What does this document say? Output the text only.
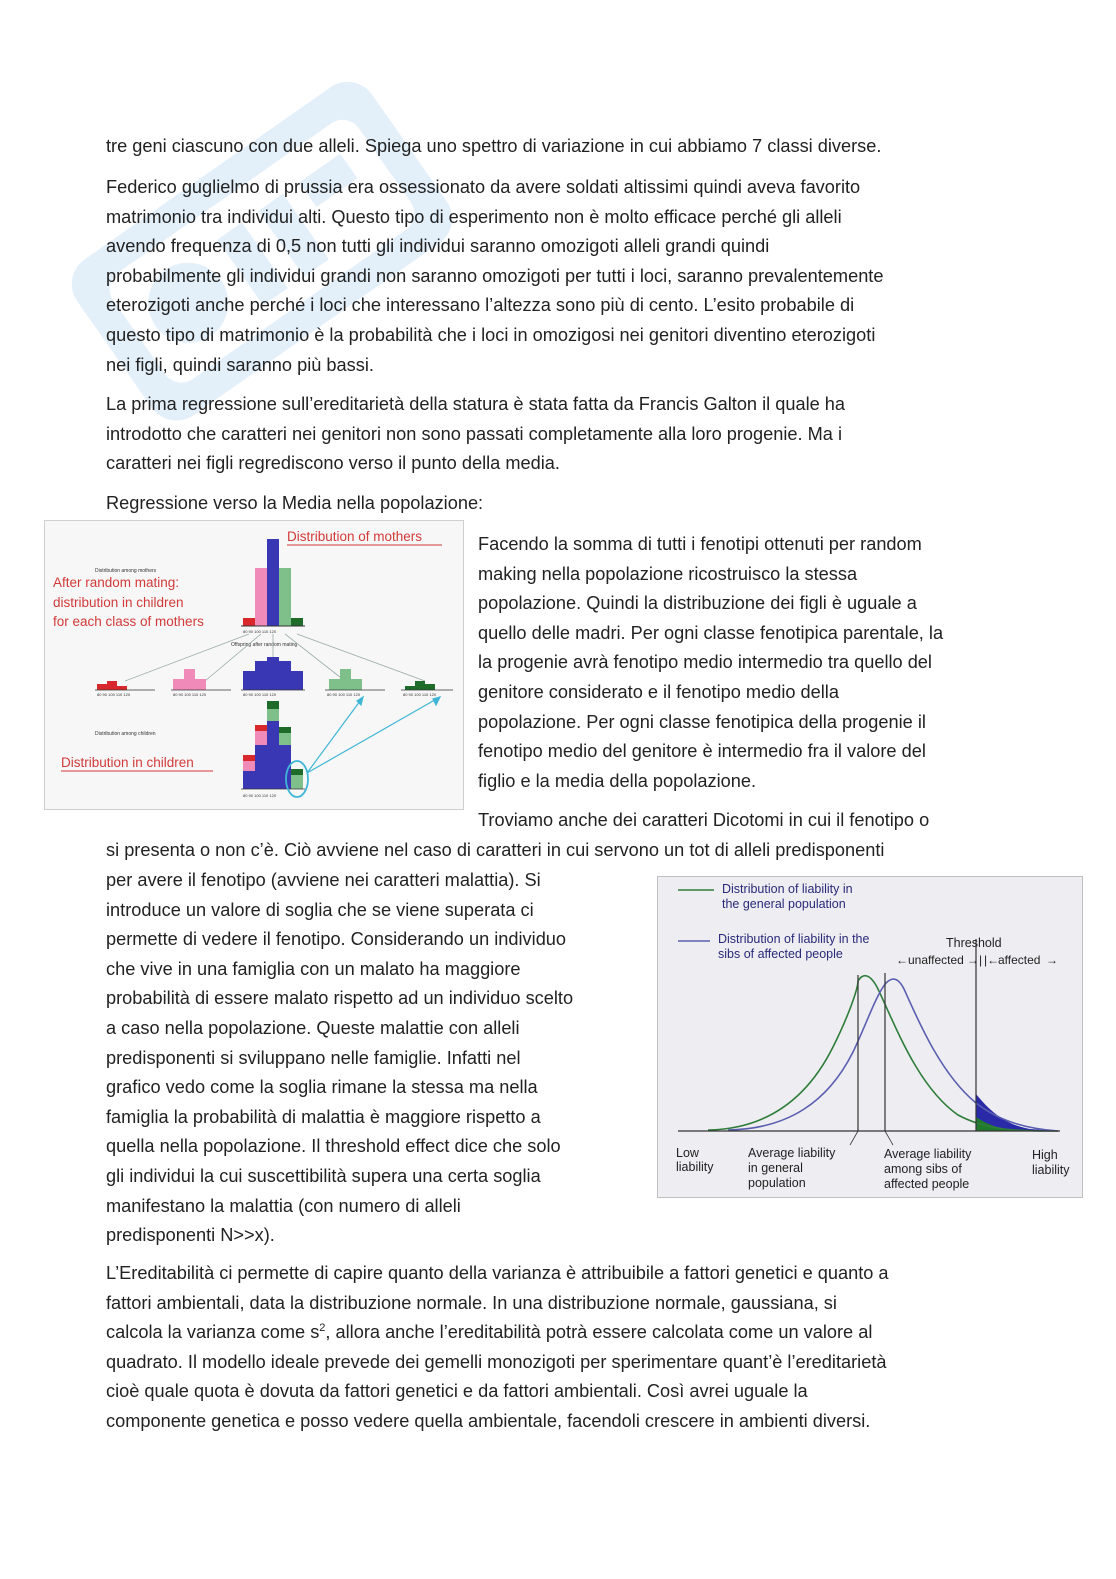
tre geni ciascuno con due alleli. Spiega uno spettro di variazione in cui abbiamo 7 classi diverse.

Federico guglielmo di prussia era ossessionato da avere soldati altissimi quindi aveva favorito
matrimonio tra individui alti. Questo tipo di esperimento non è molto efficace perché gli alleli
avendo frequenza di 0,5 non tutti gli individui saranno omozigoti alleli grandi quindi
probabilmente gli individui grandi non saranno omozigoti per tutti i loci, saranno prevalentemente
eterozigoti anche perché i loci che interessano l’altezza sono più di cento. L’esito probabile di
questo tipo di matrimonio è la probabilità che i loci in omozigosi nei genitori diventino eterozigoti
nei figli, quindi saranno più bassi.
La prima regressione sull’ereditarietà della statura è stata fatta da Francis Galton il quale ha
introdotto che caratteri nei genitori non sono passati completamente alla loro progenie. Ma i
caratteri nei figli regrediscono verso il punto della media.

Regressione verso la Media nella popolazione:

Distribution of mothers
Distribution among mothers
After random mating:
distribution in children
for each class of mothers
80 90 100 110 120
Offspring after random mating
80 90 100 110 120	80 90 100 110 120	80 90 100 110 120	80 90 100 110 120	80 90 100 110 120
Distribution among children
Distribution in children
80 90 100 110 120
Facendo la somma di tutti i fenotipi ottenuti per random
making nella popolazione ricostruisco la stessa
popolazione. Quindi la distribuzione dei figli è uguale a
quello delle madri. Per ogni classe fenotipica parentale, la
la progenie avrà fenotipo medio intermedio tra quello del
genitore considerato e il fenotipo medio della
popolazione. Per ogni classe fenotipica della progenie il
fenotipo medio del genitore è intermedio fra il valore del
figlio e la media della popolazione.
Troviamo anche dei caratteri Dicotomi in cui il fenotipo o
si presenta o non c’è. Ciò avviene nel caso di caratteri in cui servono un tot di alleli predisponenti
per avere il fenotipo (avviene nei caratteri malattia). Si
introduce un valore di soglia che se viene superata ci
permette di vedere il fenotipo. Considerando un individuo
che vive in una famiglia con un malato ha maggiore
probabilità di essere malato rispetto ad un individuo scelto
a caso nella popolazione. Queste malattie con alleli
predisponenti si sviluppano nelle famiglie. Infatti nel
grafico vedo come la soglia rimane la stessa ma nella
famiglia la probabilità di malattia è maggiore rispetto a
quella nella popolazione. Il threshold effect dice che solo
gli individui la cui suscettibilità supera una certa soglia
manifestano la malattia (con numero di alleli
predisponenti N>>x).
Distribution of liability in
the general population
Distribution of liability in the
sibs of affected people
Threshold
← unaffected →| |←
affected →
Low
liability
Average liability
in general
population
Average liability
among sibs of
affected people
High
liability
L’Ereditabilità ci permette di capire quanto della varianza è attribuibile a fattori genetici e quanto a
fattori ambientali, data la distribuzione normale. In una distribuzione normale, gaussiana, si
calcola la varianza come $s^2$, allora anche l’ereditabilità potrà essere calcolata come un valore al
quadrato. Il modello ideale prevede dei gemelli monozigoti per sperimentare quant’è l’ereditarietà
cioè quale quota è dovuta da fattori genetici e da fattori ambientali. Così avrei uguale la
componente genetica e posso vedere quella ambientale, facendoli crescere in ambienti diversi.
